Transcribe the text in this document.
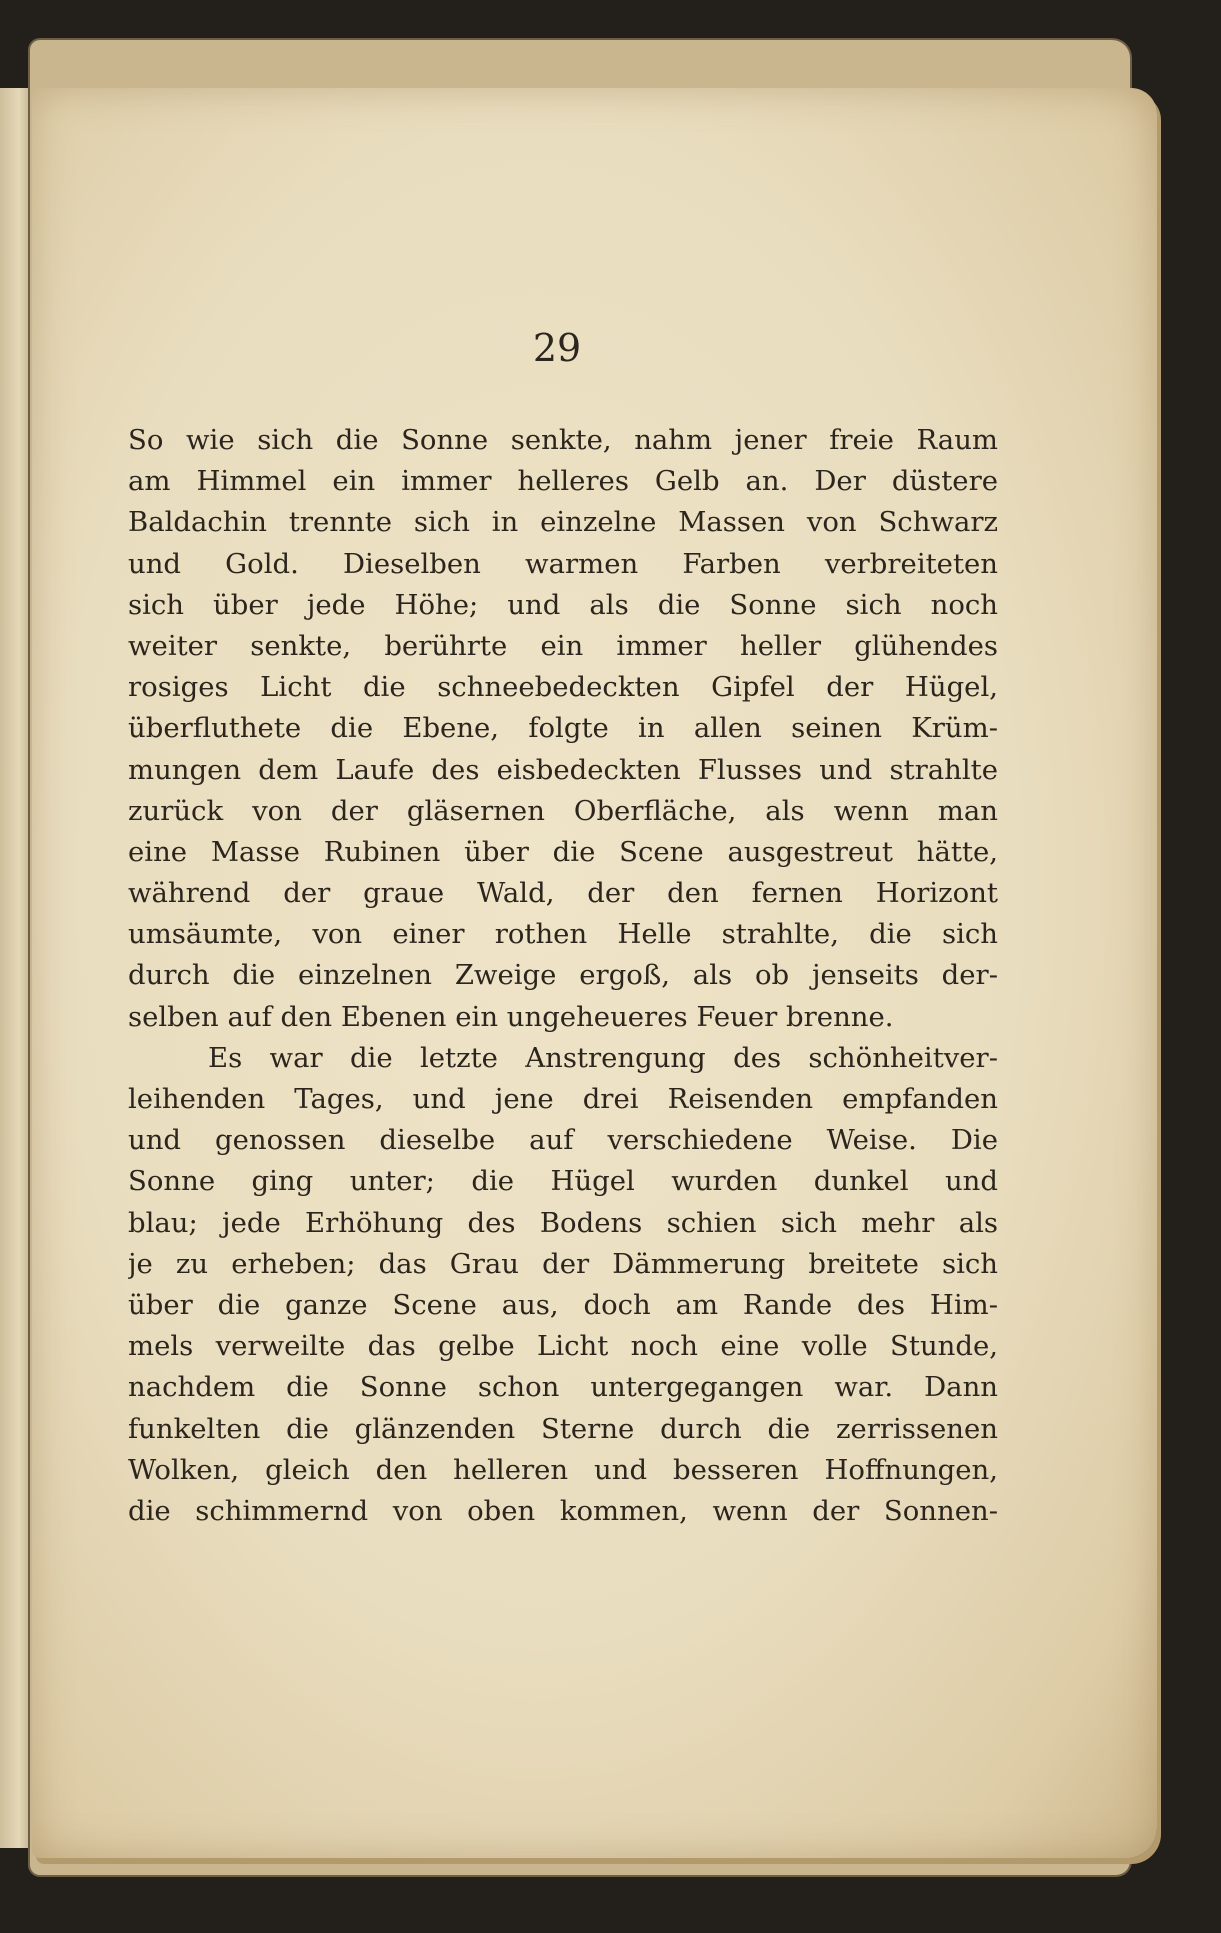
29
So wie sich die Sonne senkte, nahm jener freie Raum
am Himmel ein immer helleres Gelb an. Der düstere
Baldachin trennte sich in einzelne Massen von Schwarz
und Gold. Dieselben warmen Farben verbreiteten
sich über jede Höhe; und als die Sonne sich noch
weiter senkte, berührte ein immer heller glühendes
rosiges Licht die schneebedeckten Gipfel der Hügel,
überfluthete die Ebene, folgte in allen seinen Krüm-
mungen dem Laufe des eisbedeckten Flusses und strahlte
zurück von der gläsernen Oberfläche, als wenn man
eine Masse Rubinen über die Scene ausgestreut hätte,
während der graue Wald, der den fernen Horizont
umsäumte, von einer rothen Helle strahlte, die sich
durch die einzelnen Zweige ergoß, als ob jenseits der-
selben auf den Ebenen ein ungeheueres Feuer brenne.
Es war die letzte Anstrengung des schönheitver-
leihenden Tages, und jene drei Reisenden empfanden
und genossen dieselbe auf verschiedene Weise. Die
Sonne ging unter; die Hügel wurden dunkel und
blau; jede Erhöhung des Bodens schien sich mehr als
je zu erheben; das Grau der Dämmerung breitete sich
über die ganze Scene aus, doch am Rande des Him-
mels verweilte das gelbe Licht noch eine volle Stunde,
nachdem die Sonne schon untergegangen war. Dann
funkelten die glänzenden Sterne durch die zerrissenen
Wolken, gleich den helleren und besseren Hoffnungen,
die schimmernd von oben kommen, wenn der Sonnen-
